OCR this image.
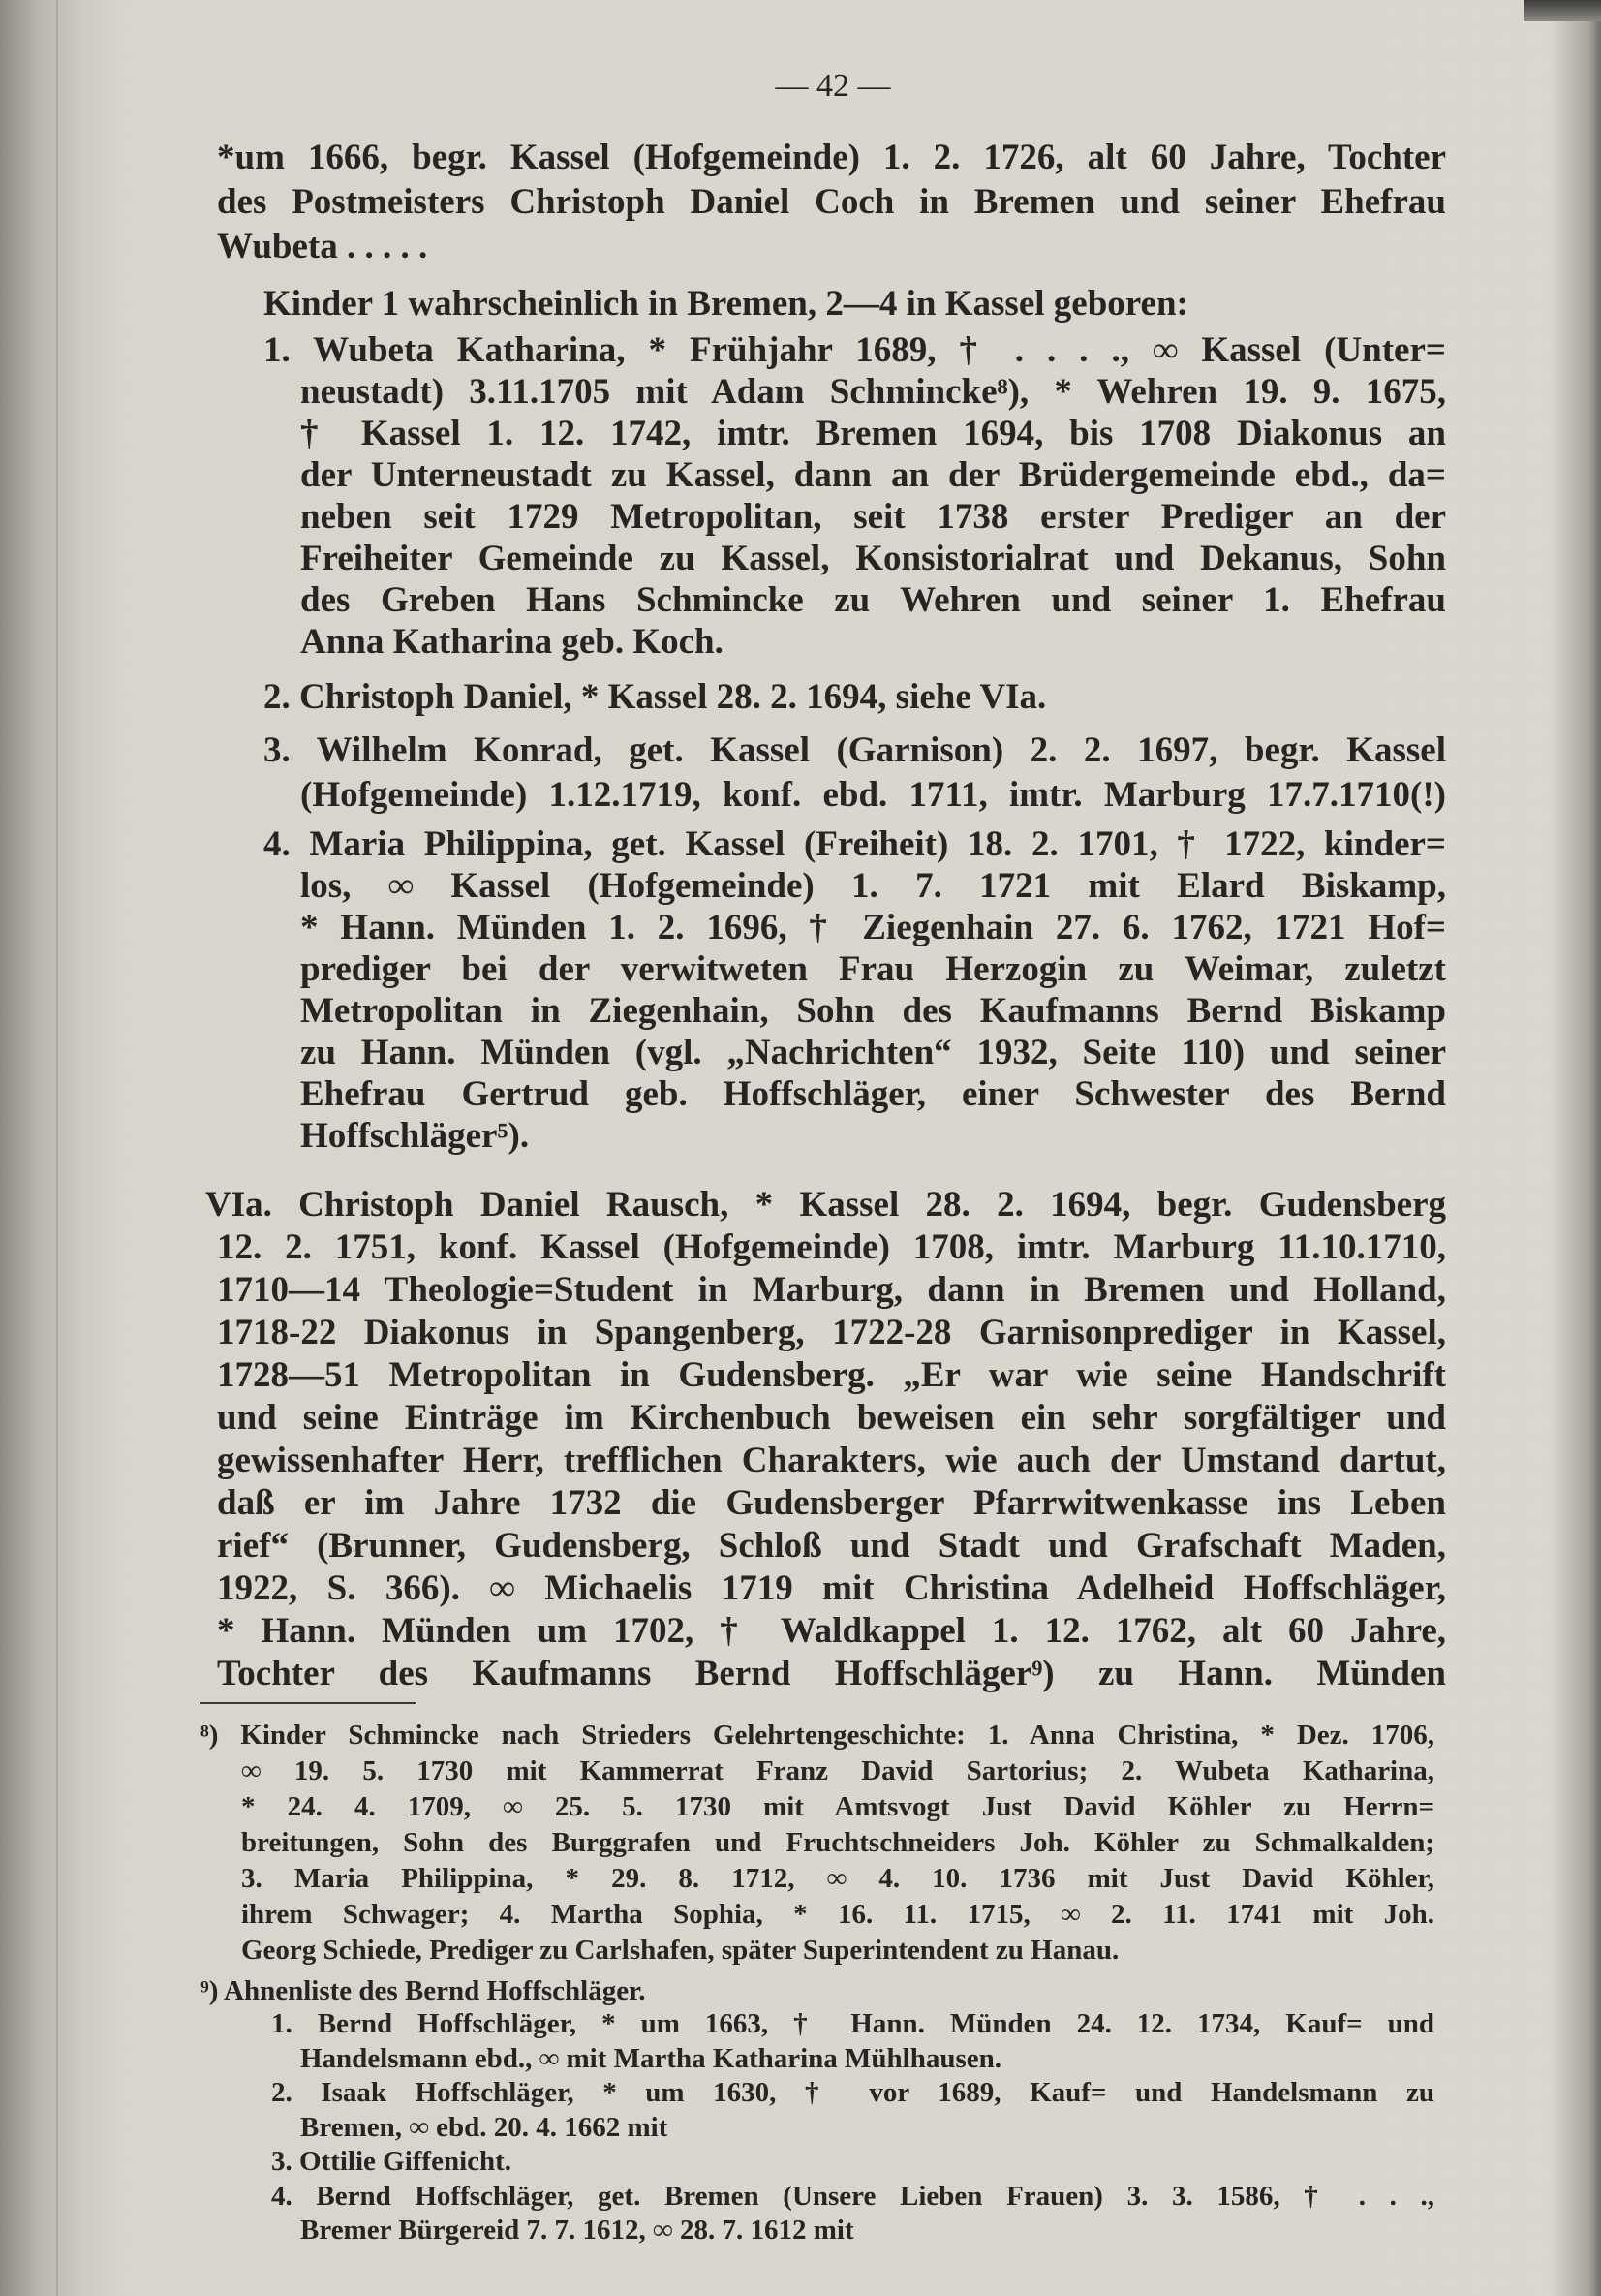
— 42 —
*um 1666, begr. Kassel (Hofgemeinde) 1. 2. 1726, alt 60 Jahre, Tochter
des Postmeisters Christoph Daniel Coch in Bremen und seiner Ehefrau
Wubeta . . . . .
Kinder 1 wahrscheinlich in Bremen, 2—4 in Kassel geboren:
1. Wubeta Katharina, * Frühjahr 1689, † . . . ., ∞ Kassel (Unter=
neustadt) 3.11.1705 mit Adam Schmincke⁸), * Wehren 19. 9. 1675,
† Kassel 1. 12. 1742, imtr. Bremen 1694, bis 1708 Diakonus an
der Unterneustadt zu Kassel, dann an der Brüdergemeinde ebd., da=
neben seit 1729 Metropolitan, seit 1738 erster Prediger an der
Freiheiter Gemeinde zu Kassel, Konsistorialrat und Dekanus, Sohn
des Greben Hans Schmincke zu Wehren und seiner 1. Ehefrau
Anna Katharina geb. Koch.
2. Christoph Daniel, * Kassel 28. 2. 1694, siehe VIa.
3. Wilhelm Konrad, get. Kassel (Garnison) 2. 2. 1697, begr. Kassel
(Hofgemeinde) 1.12.1719, konf. ebd. 1711, imtr. Marburg 17.7.1710(!)
4. Maria Philippina, get. Kassel (Freiheit) 18. 2. 1701, † 1722, kinder=
los, ∞ Kassel (Hofgemeinde) 1. 7. 1721 mit Elard Biskamp,
* Hann. Münden 1. 2. 1696, † Ziegenhain 27. 6. 1762, 1721 Hof=
prediger bei der verwitweten Frau Herzogin zu Weimar, zuletzt
Metropolitan in Ziegenhain, Sohn des Kaufmanns Bernd Biskamp
zu Hann. Münden (vgl. „Nachrichten“ 1932, Seite 110) und seiner
Ehefrau Gertrud geb. Hoffschläger, einer Schwester des Bernd
Hoffschläger⁵).
VIa. Christoph Daniel Rausch, * Kassel 28. 2. 1694, begr. Gudensberg
12. 2. 1751, konf. Kassel (Hofgemeinde) 1708, imtr. Marburg 11.10.1710,
1710—14 Theologie=Student in Marburg, dann in Bremen und Holland,
1718-22 Diakonus in Spangenberg, 1722-28 Garnisonprediger in Kassel,
1728—51 Metropolitan in Gudensberg. „Er war wie seine Handschrift
und seine Einträge im Kirchenbuch beweisen ein sehr sorgfältiger und
gewissenhafter Herr, trefflichen Charakters, wie auch der Umstand dartut,
daß er im Jahre 1732 die Gudensberger Pfarrwitwenkasse ins Leben
rief“ (Brunner, Gudensberg, Schloß und Stadt und Grafschaft Maden,
1922, S. 366). ∞ Michaelis 1719 mit Christina Adelheid Hoffschläger,
* Hann. Münden um 1702, † Waldkappel 1. 12. 1762, alt 60 Jahre,
Tochter des Kaufmanns Bernd Hoffschläger⁹) zu Hann. Münden
⁸) Kinder Schmincke nach Strieders Gelehrtengeschichte: 1. Anna Christina, * Dez. 1706,
∞ 19. 5. 1730 mit Kammerrat Franz David Sartorius; 2. Wubeta Katharina,
* 24. 4. 1709, ∞ 25. 5. 1730 mit Amtsvogt Just David Köhler zu Herrn=
breitungen, Sohn des Burggrafen und Fruchtschneiders Joh. Köhler zu Schmalkalden;
3. Maria Philippina, * 29. 8. 1712, ∞ 4. 10. 1736 mit Just David Köhler,
ihrem Schwager; 4. Martha Sophia, * 16. 11. 1715, ∞ 2. 11. 1741 mit Joh.
Georg Schiede, Prediger zu Carlshafen, später Superintendent zu Hanau.
⁹) Ahnenliste des Bernd Hoffschläger.
1. Bernd Hoffschläger, * um 1663, † Hann. Münden 24. 12. 1734, Kauf= und
Handelsmann ebd., ∞ mit Martha Katharina Mühlhausen.
2. Isaak Hoffschläger, * um 1630, † vor 1689, Kauf= und Handelsmann zu
Bremen, ∞ ebd. 20. 4. 1662 mit
3. Ottilie Giffenicht.
4. Bernd Hoffschläger, get. Bremen (Unsere Lieben Frauen) 3. 3. 1586, † . . .,
Bremer Bürgereid 7. 7. 1612, ∞ 28. 7. 1612 mit
